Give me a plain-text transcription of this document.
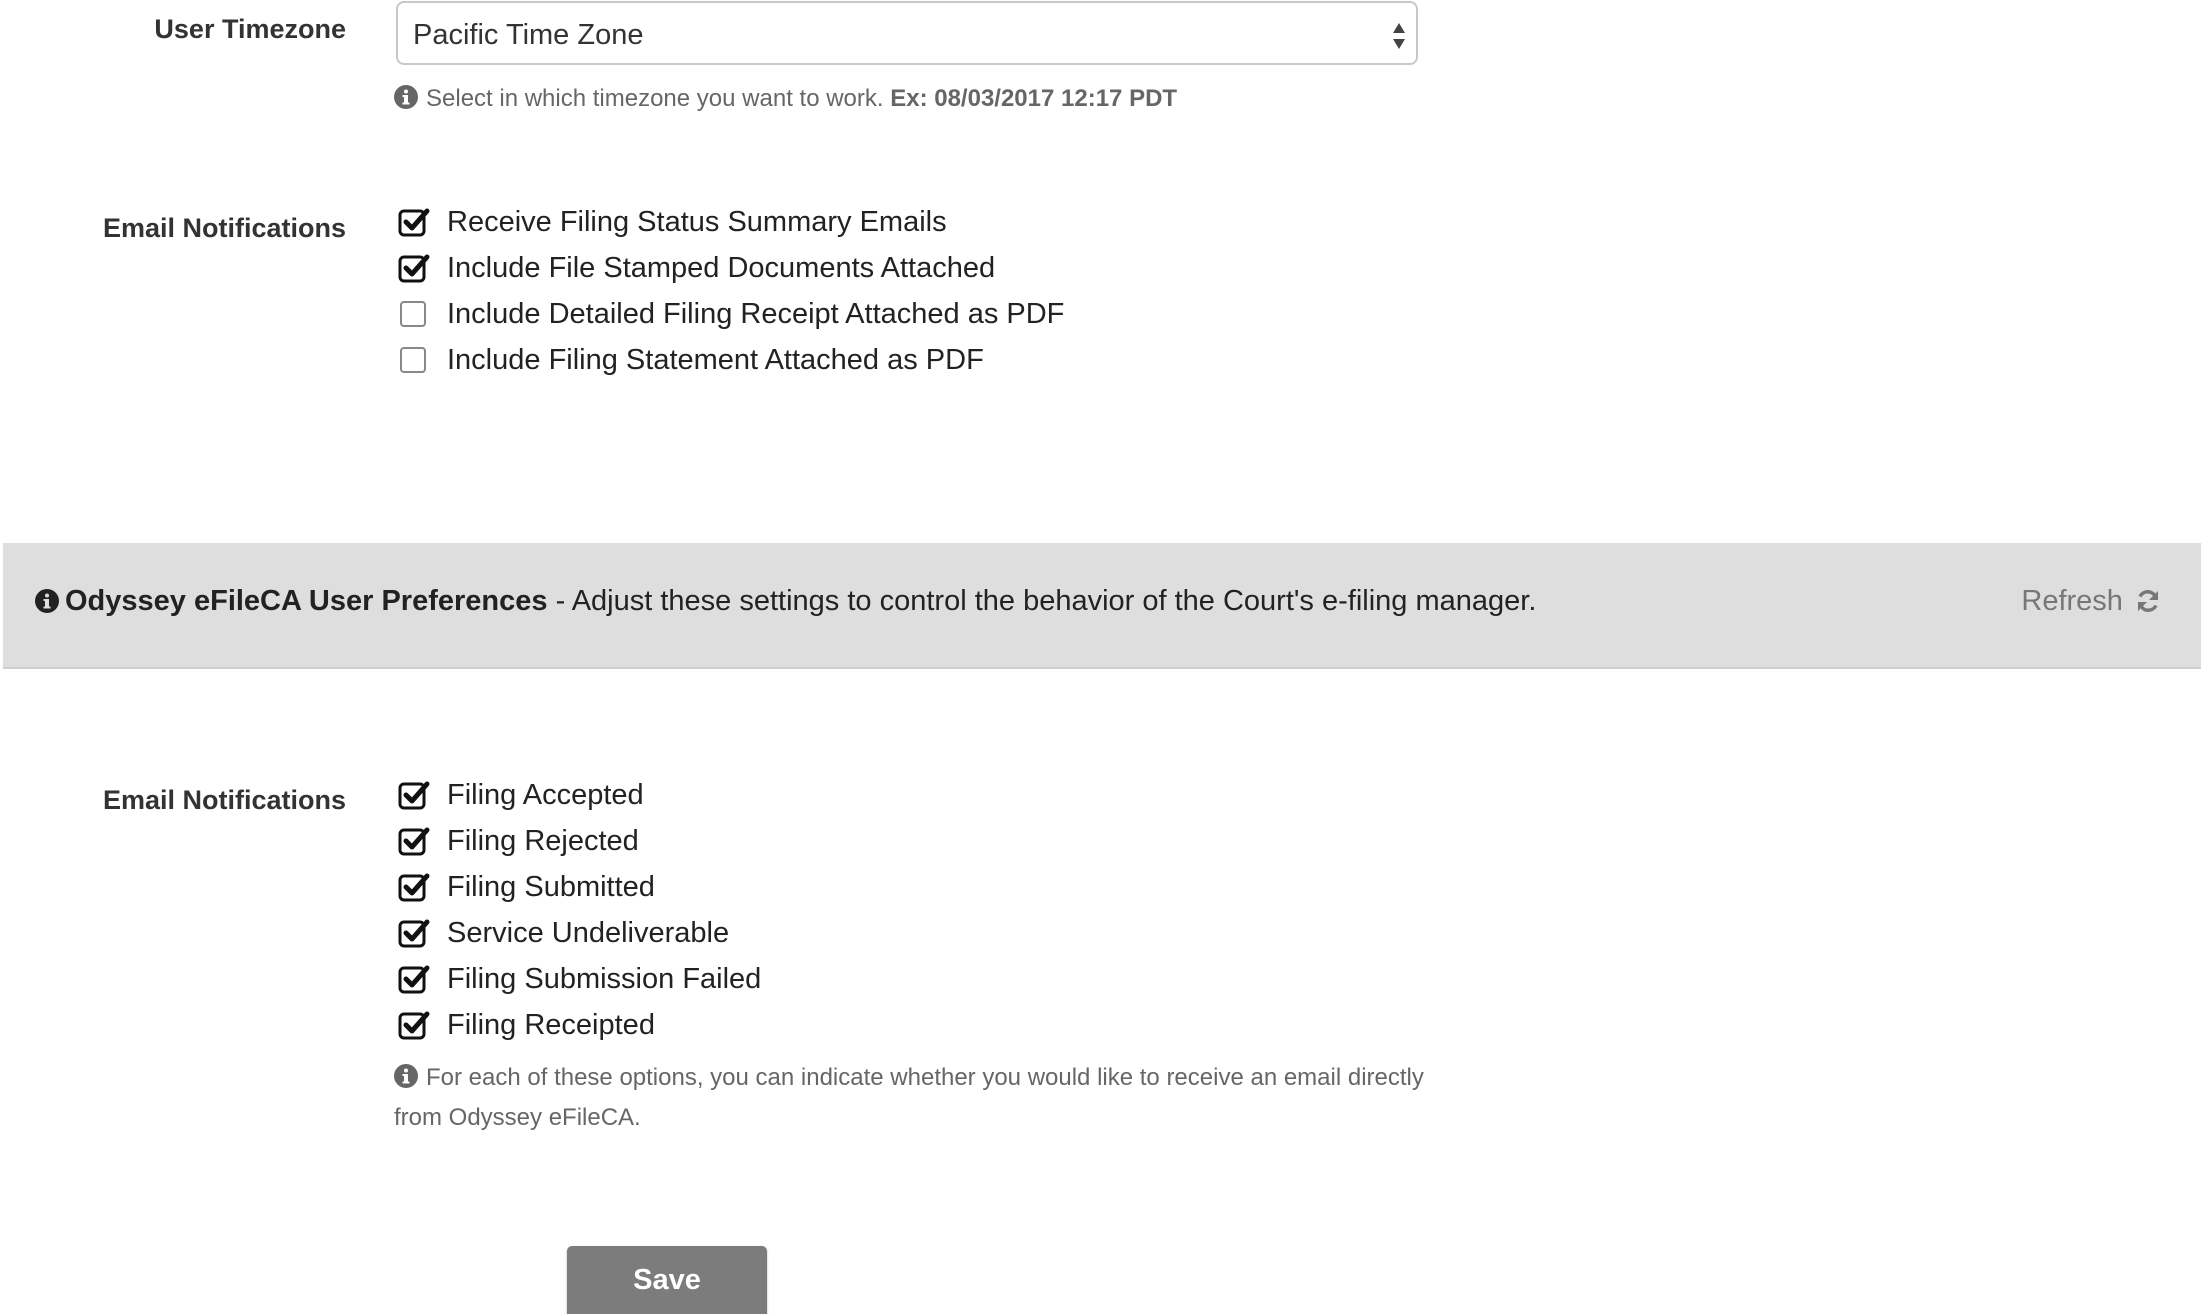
User Timezone	Pacific Time Zone
Select in which timezone you want to work. Ex: 08/03/2017 12:17 PDT
Email Notifications	Receive Filing Status Summary Emails
Include File Stamped Documents Attached
Include Detailed Filing Receipt Attached as PDF
Include Filing Statement Attached as PDF
Odyssey eFileCA User Preferences - Adjust these settings to control the behavior of the Court's e-filing manager.	Refresh
Email Notifications	Filing Accepted
Filing Rejected
Filing Submitted
Service Undeliverable
Filing Submission Failed
Filing Receipted
For each of these options, you can indicate whether you would like to receive an email directly
from Odyssey eFileCA.
Save
